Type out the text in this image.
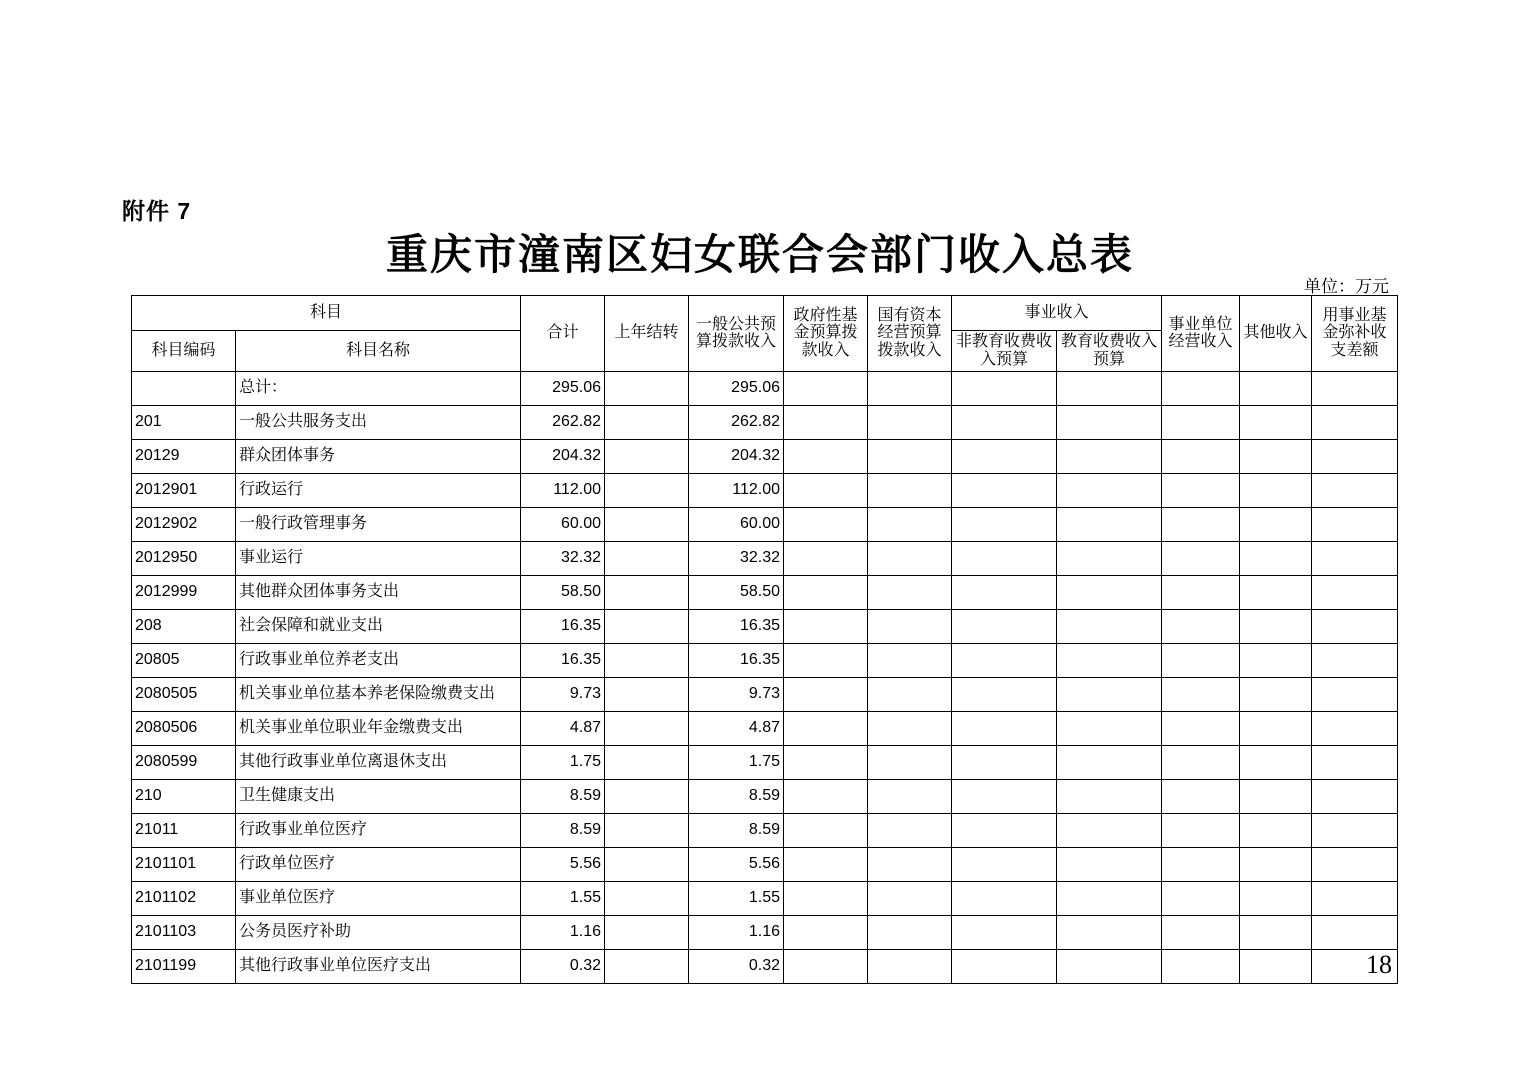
附件 7
重庆市潼南区妇女联合会部门收入总表
单位：万元
科目		合计	上年结转	一般公共预算拨款收入	政府性基金预算拨款收入	国有资本经营预算拨款收入	事业收入		事业单位经营收入	其他收入	用事业基金弥补收支差额
科目编码	科目名称						非教育收费收入预算	教育收费收入预算			
	总计：	295.06		295.06							
201	一般公共服务支出	262.82		262.82							
20129	群众团体事务	204.32		204.32							
2012901	行政运行	112.00		112.00							
2012902	一般行政管理事务	60.00		60.00							
2012950	事业运行	32.32		32.32							
2012999	其他群众团体事务支出	58.50		58.50							
208	社会保障和就业支出	16.35		16.35							
20805	行政事业单位养老支出	16.35		16.35							
2080505	机关事业单位基本养老保险缴费支出	9.73		9.73							
2080506	机关事业单位职业年金缴费支出	4.87		4.87							
2080599	其他行政事业单位离退休支出	1.75		1.75							
210	卫生健康支出	8.59		8.59							
21011	行政事业单位医疗	8.59		8.59							
2101101	行政单位医疗	5.56		5.56							
2101102	事业单位医疗	1.55		1.55							
2101103	公务员医疗补助	1.16		1.16							
2101199	其他行政事业单位医疗支出	0.32		0.32								18
